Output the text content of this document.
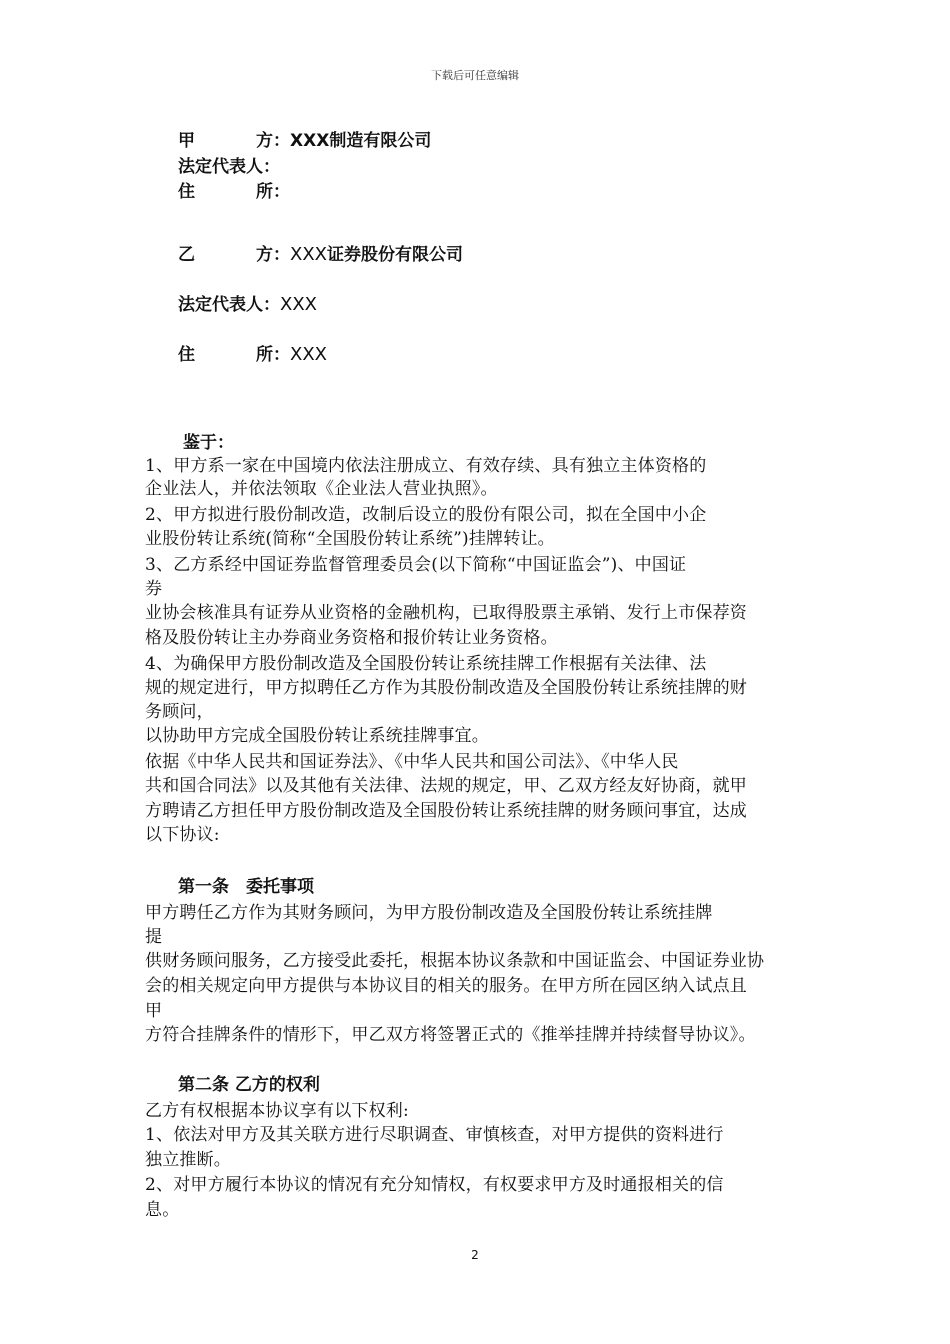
下载后可任意编辑
甲	方：XXX制造有限公司
法定代表人：
住	所：
乙	方：XXX证券股份有限公司
法定代表人：XXX
住	所：XXX
鉴于：
1、甲方系一家在中国境内依法注册成立、有效存续、具有独立主体资格的
企业法人，并依法领取《企业法人营业执照》。
2、甲方拟进行股份制改造，改制后设立的股份有限公司，拟在全国中小企
业股份转让系统(简称“全国股份转让系统”)挂牌转让。
3、乙方系经中国证券监督管理委员会(以下简称“中国证监会”)、中国证
券
业协会核准具有证券从业资格的金融机构，已取得股票主承销、发行上市保荐资
格及股份转让主办券商业务资格和报价转让业务资格。
4、为确保甲方股份制改造及全国股份转让系统挂牌工作根据有关法律、法
规的规定进行，甲方拟聘任乙方作为其股份制改造及全国股份转让系统挂牌的财
务顾问，
以协助甲方完成全国股份转让系统挂牌事宜。
依据《中华人民共和国证券法》、《中华人民共和国公司法》、《中华人民
共和国合同法》以及其他有关法律、法规的规定，甲、乙双方经友好协商，就甲
方聘请乙方担任甲方股份制改造及全国股份转让系统挂牌的财务顾问事宜，达成
以下协议:
第一条　委托事项
甲方聘任乙方作为其财务顾问，为甲方股份制改造及全国股份转让系统挂牌
提
供财务顾问服务，乙方接受此委托，根据本协议条款和中国证监会、中国证券业协
会的相关规定向甲方提供与本协议目的相关的服务。在甲方所在园区纳入试点且
甲
方符合挂牌条件的情形下，甲乙双方将签署正式的《推举挂牌并持续督导协议》。
第二条 乙方的权利
乙方有权根据本协议享有以下权利:
1、依法对甲方及其关联方进行尽职调查、审慎核查，对甲方提供的资料进行
独立推断。
2、对甲方履行本协议的情况有充分知情权，有权要求甲方及时通报相关的信
息。
2
